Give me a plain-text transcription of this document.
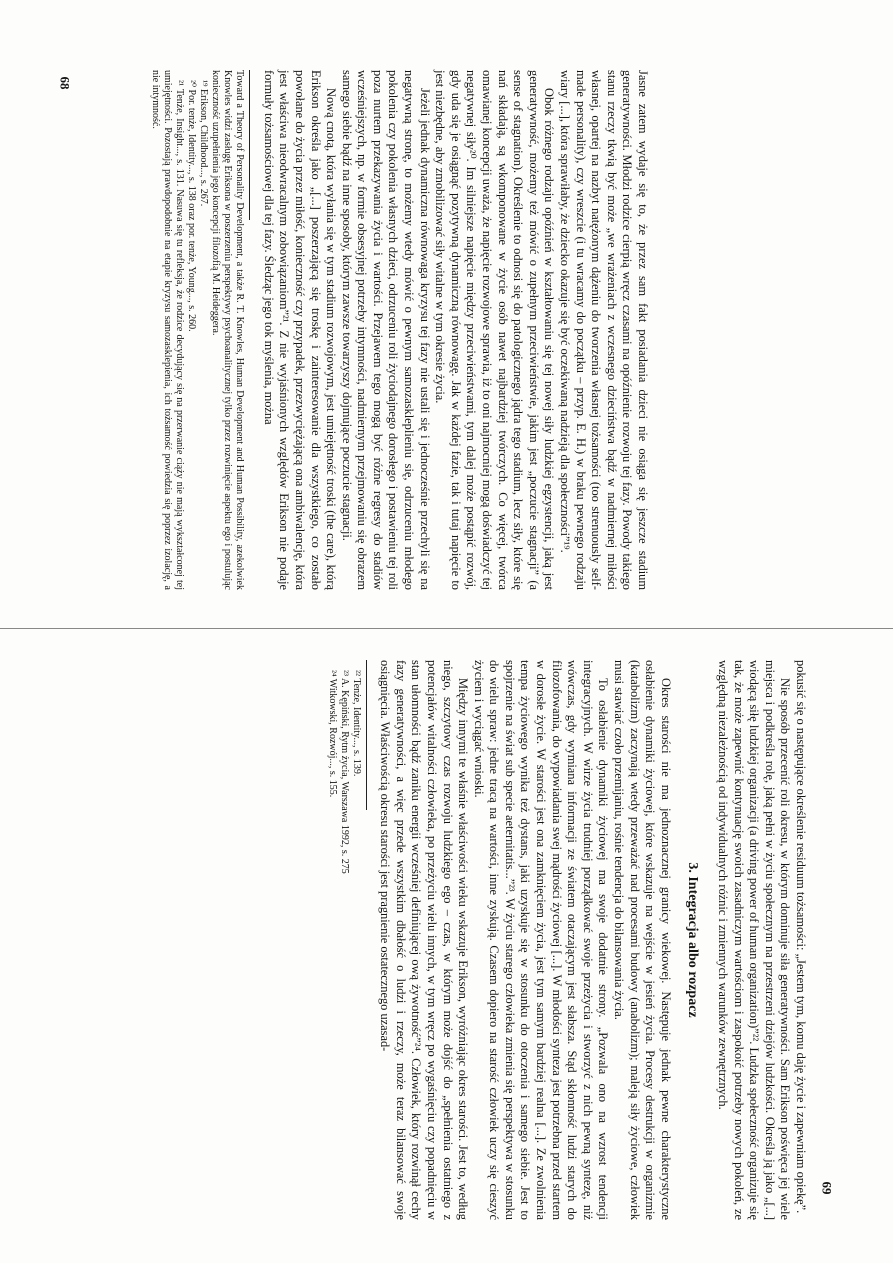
Jasne zatem wydaje się to, że przez sam fakt posiadania dzieci nie osiąga się jeszcze stadium generatywności. Młodzi rodzice cierpią wręcz czasami na opóźnienie rozwoju tej fazy. Powody takiego stanu rzeczy tkwią być może „we wrażeniach z wczesnego dzieciństwa bądź w nadmiernej miłości własnej, opartej na nazbyt natężonym dążeniu do tworzenia własnej tożsamości (too strenuously self-made personality), czy wreszcie (i tu wracamy do początku – przyp. E. H.) w braku pewnego rodzaju wiary [...], która sprawiłaby, że dziecko okazuje się być oczekiwaną nadzieją dla społeczności”¹⁹.

Obok różnego rodzaju opóźnień w kształtowaniu się tej nowej siły ludzkiej egzystencji, jaką jest generatywność, możemy też mówić o zupełnym przeciwieństwie, jakim jest „poczucie stagnacji” (a sense of stagnation). Określenie to odnosi się do patologicznego jądra tego stadium, lecz siły, które się nań składają, są wkomponowane w życie osób nawet najbardziej twórczych. Co więcej, twórca omawianej koncepcji uważa, że napięcie rozwojowe sprawia, iż to oni najmocniej mogą doświadczyć tej negatywnej siły²⁰. Im silniejsze napięcie między przeciwieństwami, tym dalej może postąpić rozwój, gdy uda się je osiągnąć pozytywną dynamiczną równowagę. Jak w każdej fazie, tak i tutaj napięcie to jest niezbędne, aby zmobilizować siły witalne w tym okresie życia.

Jeżeli jednak dynamiczna równowaga kryzysu tej fazy nie ustali się i jednocześnie przechyli się na negatywną stronę, to możemy wtedy mówić o pewnym samozaskleplieniu się, odrzuceniu młodego pokolenia czy pokolenia własnych dzieci, odrzuceniu roli życiodajnego dorosłego i postawieniu tej roli poza nurtem przekazywania życia i wartości. Przejawem tego mogą być różne regresy do stadiów wcześniejszych, np. w formie obsesyjnej potrzeby intymności, nadmiernym przejmowaniu się obrazem samego siebie bądź na inne sposoby, którym zawsze towarzyszy dojmujące poczucie stagnacji.

Nową cnotą, która wyłania się w tym stadium rozwojowym, jest umiejętność troski (the care), którą Erikson określa jako „[...] poszerzającą się troskę i zainteresowanie dla wszystkiego, co zostało powołane do życia przez miłość, konieczność czy przypadek, przezwyciężającą ona ambiwalencję, która jest właściwa nieodwracalnym zobowiązaniom”²¹. Z nie wyjaśnionych względów Erikson nie podaje formuły tożsamościowej dla tej fazy. Śledząc jego tok myślenia, można

Toward a Theory of Personality Development, a także R. T. Knowles, Human Development and Human Possibility, azekolwiek Knowles widzi zasługę Eriksona w poszerzeniu perspektywy psychoanalitycznej tylko przez rozwinięcie aspektu ego i postulując konieczność uzupełnienia jego koncepcji filozofią M. Heideggera.

¹⁹ Erikson, Childhood..., s. 267.

²⁰ Por. tenże, Identity..., s. 138 oraz por. tenże, Young..., s. 260.

²¹ Tenże, Insight..., s. 131. Nasuwa się tu refleksja, że rodzice decydujący się na przerwanie ciąży nie mają wykształconej tej umiejętności. Pozostają prawdopodobnie na etapie kryzysu samozasklepienia, ich tożsamość powiedzia się poprzez izolację, a nie intymność.

68

pokusić się o następujące określenie residuum tożsamości: „Jestem tym, komu daję życie i zapewniam opiekę”.

Nie sposób przecenić roli okresu, w którym dominuje siła generatywności. Sam Erikson poświęca jej wiele miejsca i podkreśla rolę, jaką pełni w życiu społecznym na przestrzeni dziejów ludzkości. Określa ją jako „[...] wiodącą siłę ludzkiej organizacji (a driving power of human organization)”²². Ludzka społeczność organizuje się tak, że może zapewnić kontynuację swoich zasadniczym wartościom i zaspokoić potrzeby nowych pokoleń, ze względną niezależnością od indywidualnych różnic i zmiennych warunków zewnętrznych.

3. Integracja albo rozpacz

Okres starości nie ma jednoznacznej granicy wiekowej. Następuje jednak pewne charakterystyczne osłabienie dynamiki życiowej, które wskazuje na wejście w jesień życia. Procesy destrukcji w organizmie (katabolizm) zaczynają wtedy przeważać nad procesami budowy (anabolizm); maleją siły życiowe, człowiek musi stawiać czoło przemijaniu, rośnie tendencja do bilansowania życia.

To osłabienie dynamiki życiowej ma swoje dodatnie strony. „Pozwala ono na wzrost tendencji integracyjnych. W wirze życia trudniej porządkować swoje przeżycia i stworzyć z nich pewną syntezę, niż wówczas, gdy wymiana informacji ze światem otaczającym jest słabsza. Stąd skłonność ludzi starych do filozofowania, do wypowiadania swej mądrości życiowej [...]. W młodości synteza jest potrzebna przed startem w dorosłe życie. W starości jest ona zamknięciem życia, jest tym samym bardziej realna [...]. Ze zwolnienia tempa życiowego wynika też dystans, jaki uzyskuje się w stosunku do otoczenia i samego siebie. Jest to spojrzenie na świat sub specie aeternitatis...”²³. W życiu starego człowieka zmienia się perspektywa w stosunku do wielu spraw: jedne tracą na wartości, inne zyskują. Czasem dopiero na starość człowiek uczy się cieszyć życiem i wyciągać wnioski.

Między innymi te właśnie właściwości wieku wskazuje Erikson, wyróżniając okres starości. Jest to, według niego, szczytowy czas rozwoju ludzkiego ego – czas, w którym może dojść do „spełnienia ostatniego z potencjałów witalności człowieka, po przeżyciu wielu innych, w tym wręcz po wygaśnięciu czy popadnięciu w stan ułomności bądź zaniku energii wcześniej definiującej ową żywotność”²⁴. Człowiek, który rozwinął cechy fazy generatywności, a więc przede wszystkim dbałość o ludzi i rzeczy, może teraz bilansować swoje osiągnięcia. Właściwością okresu starości jest pragnienie ostatecznego uzasad-

²² Tenże, Identity..., s. 139.

²³ A. Kępiński, Rytm życia, Warszawa 1992, s. 275

²⁴ Witkowski, Rozwój..., s. 155.

69
